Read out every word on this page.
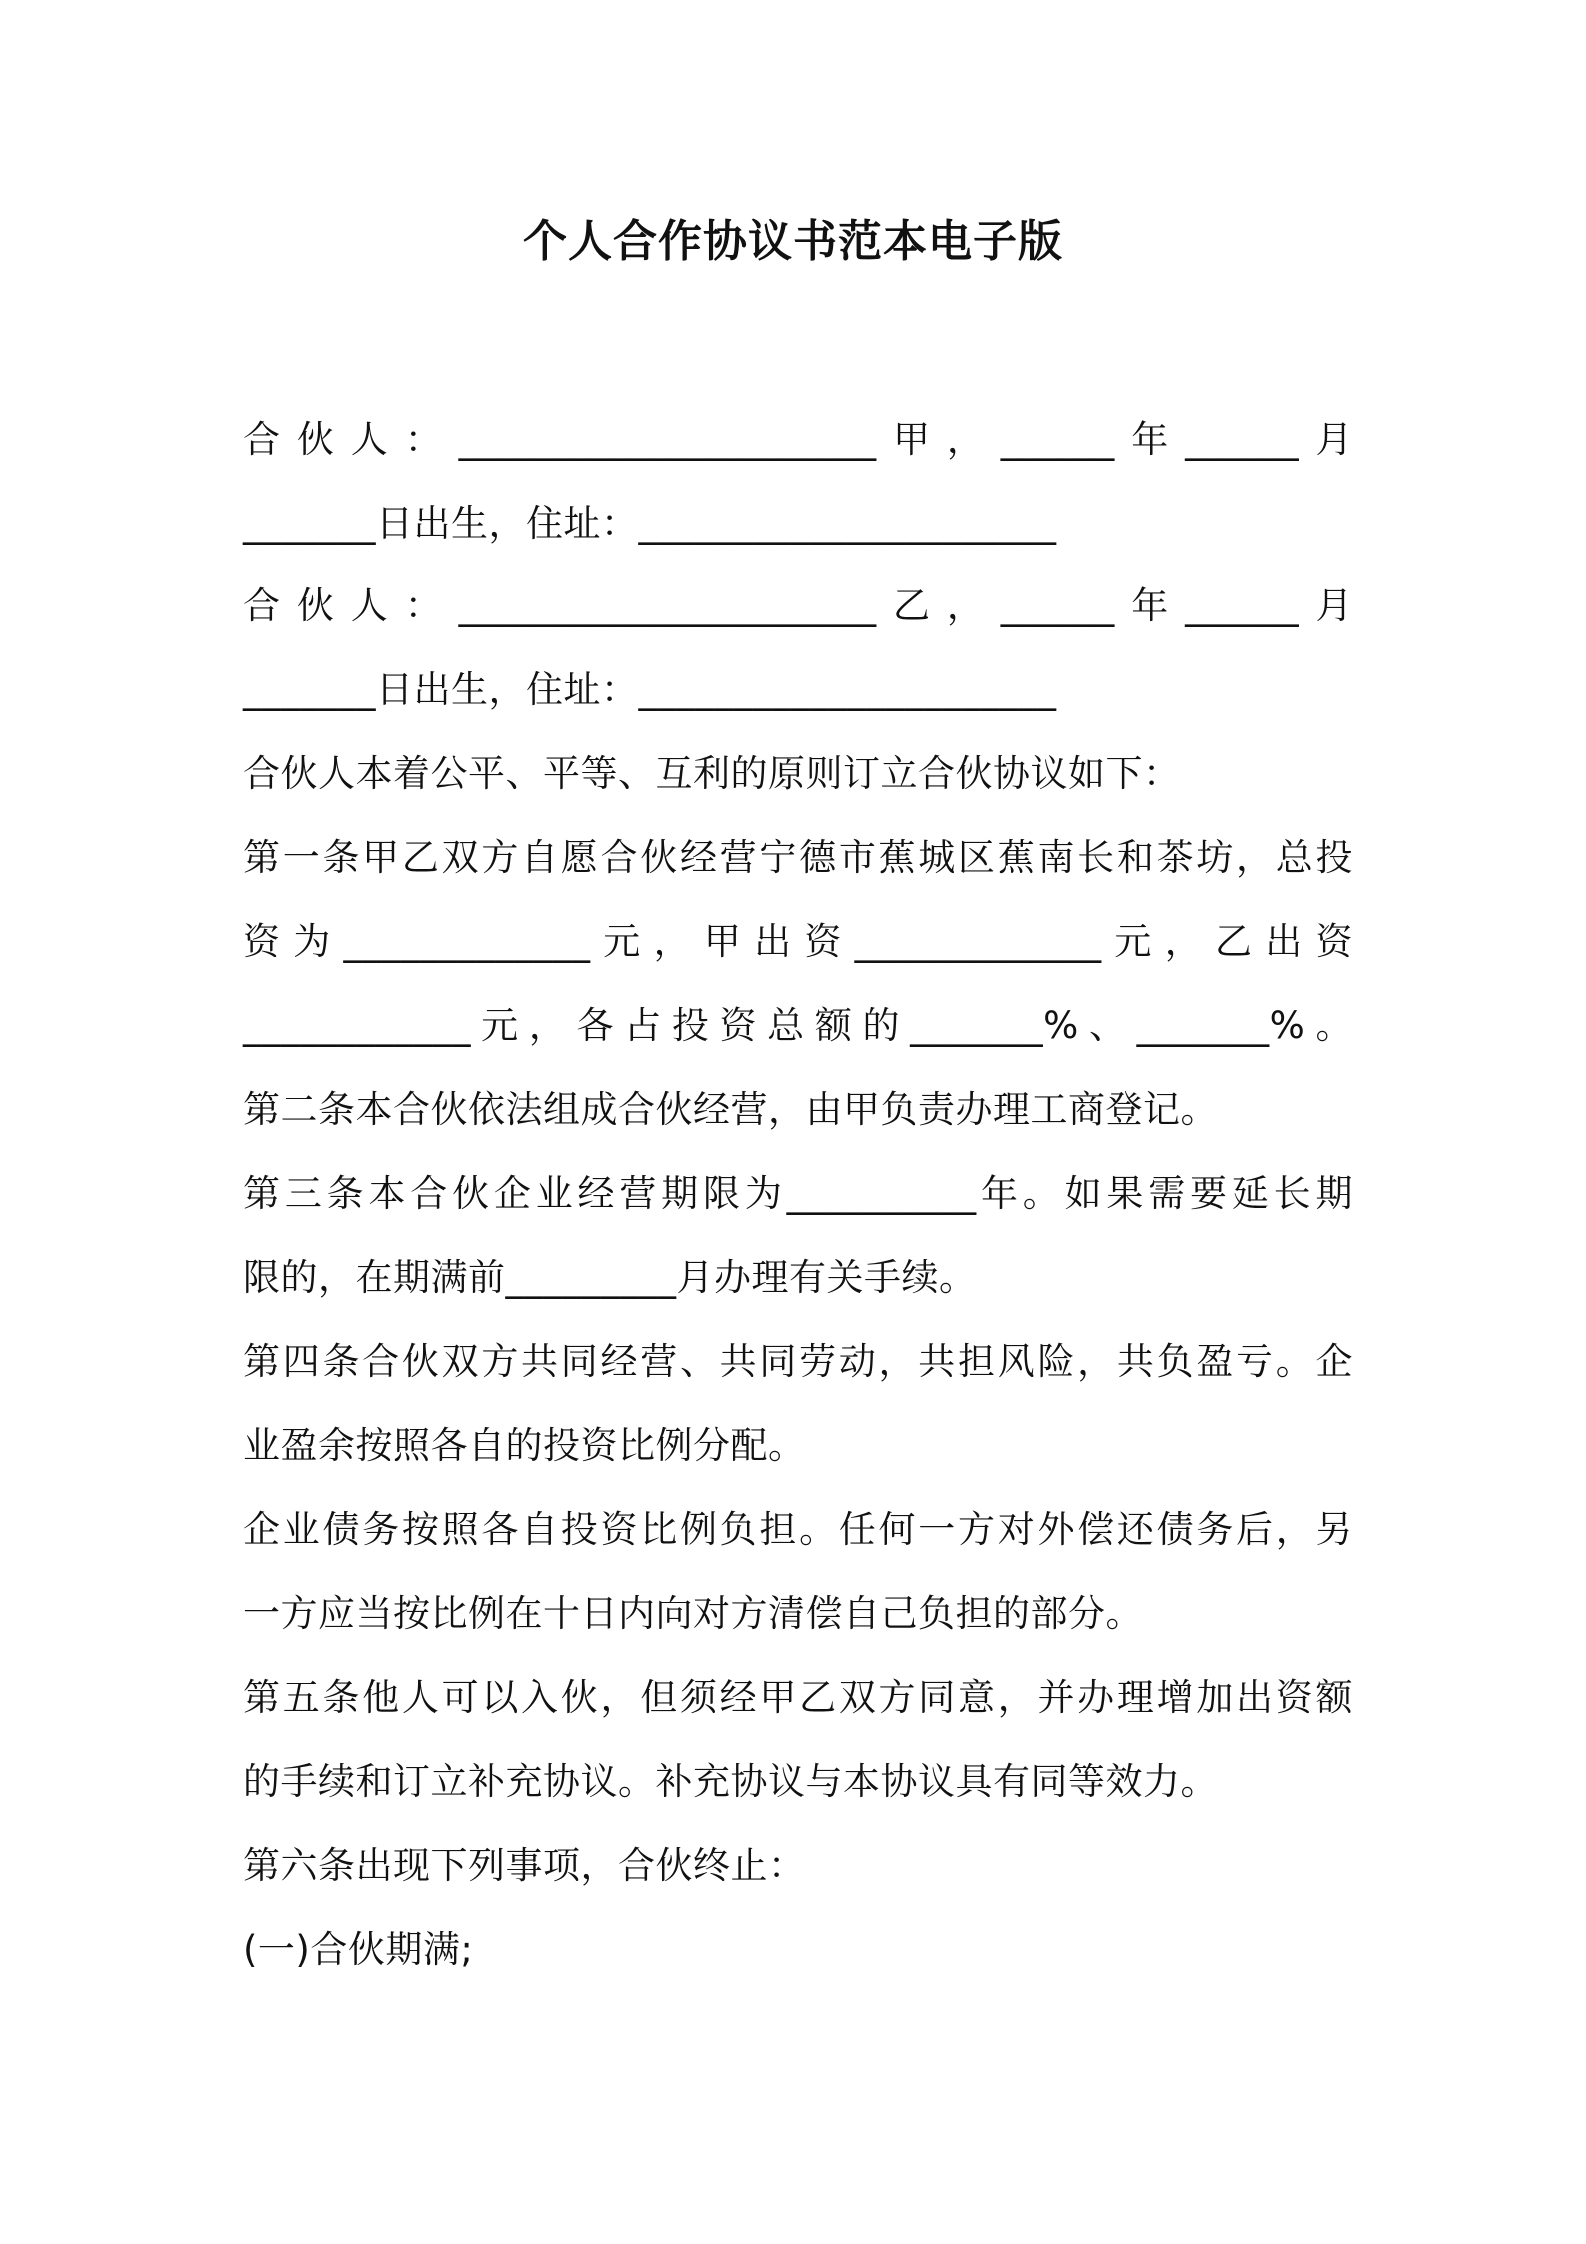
个人合作协议书范本电子版
合伙人：______________________甲，______年______月
_______日出生，住址：______________________
合伙人：______________________乙，______年______月
_______日出生，住址：______________________
合伙人本着公平、平等、互利的原则订立合伙协议如下：
第一条甲乙双方自愿合伙经营宁德市蕉城区蕉南长和茶坊，总投
资为_____________元，甲出资_____________元，乙出资
____________元，各占投资总额的_______%、_______%。
第二条本合伙依法组成合伙经营，由甲负责办理工商登记。
第三条本合伙企业经营期限为__________年。如果需要延长期
限的，在期满前_________月办理有关手续。
第四条合伙双方共同经营、共同劳动，共担风险，共负盈亏。企
业盈余按照各自的投资比例分配。
企业债务按照各自投资比例负担。任何一方对外偿还债务后，另
一方应当按比例在十日内向对方清偿自己负担的部分。
第五条他人可以入伙，但须经甲乙双方同意，并办理增加出资额
的手续和订立补充协议。补充协议与本协议具有同等效力。
第六条出现下列事项，合伙终止：
(一)合伙期满;
